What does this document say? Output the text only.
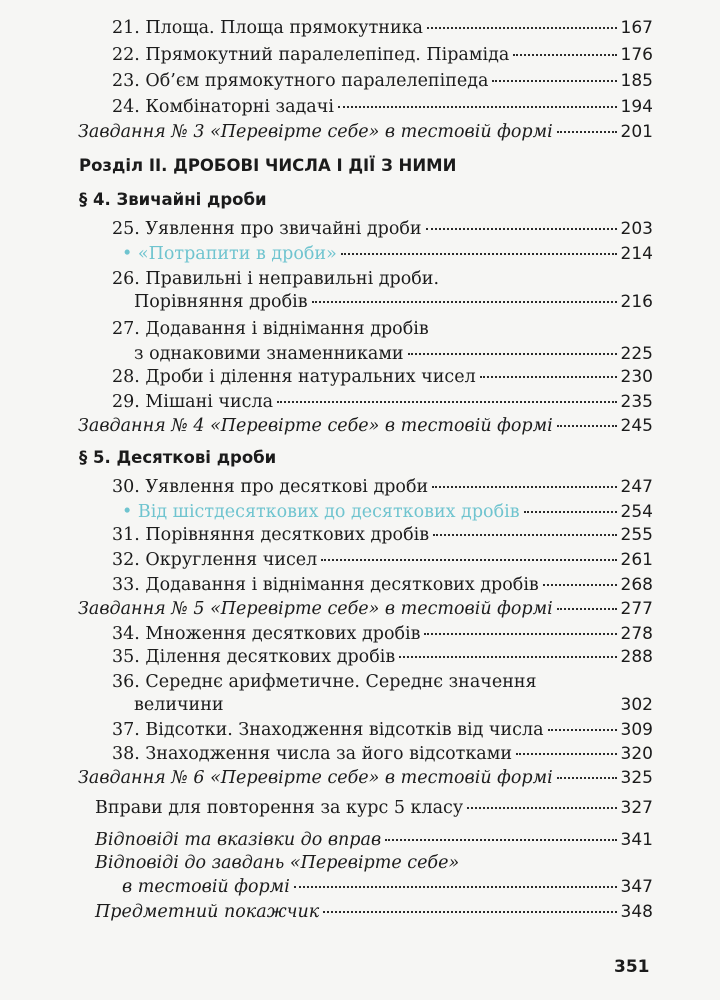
21. Площа. Площа прямокутника	167
22. Прямокутний паралелепіпед. Піраміда	176
23. Об’єм прямокутного паралелепіпеда	185
24. Комбінаторні задачі	194
Завдання № 3 «Перевірте себе» в тестовій формі	201
Розділ ІІ. ДРОБОВІ ЧИСЛА І ДІЇ З НИМИ
§ 4. Звичайні дроби
25. Уявлення про звичайні дроби	203
• «Потрапити в дроби»	214
26. Правильні і неправильні дроби.
Порівняння дробів	216
27. Додавання і віднімання дробів
з однаковими знаменниками	225
28. Дроби і ділення натуральних чисел	230
29. Мішані числа	235
Завдання № 4 «Перевірте себе» в тестовій формі	245
§ 5. Десяткові дроби
30. Уявлення про десяткові дроби	247
• Від шістдесяткових до десяткових дробів	254
31. Порівняння десяткових дробів	255
32. Округлення чисел	261
33. Додавання і віднімання десяткових дробів	268
Завдання № 5 «Перевірте себе» в тестовій формі	277
34. Множення десяткових дробів	278
35. Ділення десяткових дробів	288
36. Середнє арифметичне. Середнє значення
величини	302
37. Відсотки. Знаходження відсотків від числа	309
38. Знаходження числа за його відсотками	320
Завдання № 6 «Перевірте себе» в тестовій формі	325
Вправи для повторення за курс 5 класу	327
Відповіді та вказівки до вправ	341
Відповіді до завдань «Перевірте себе»
в тестовій формі	347
Предметний покажчик	348
351
